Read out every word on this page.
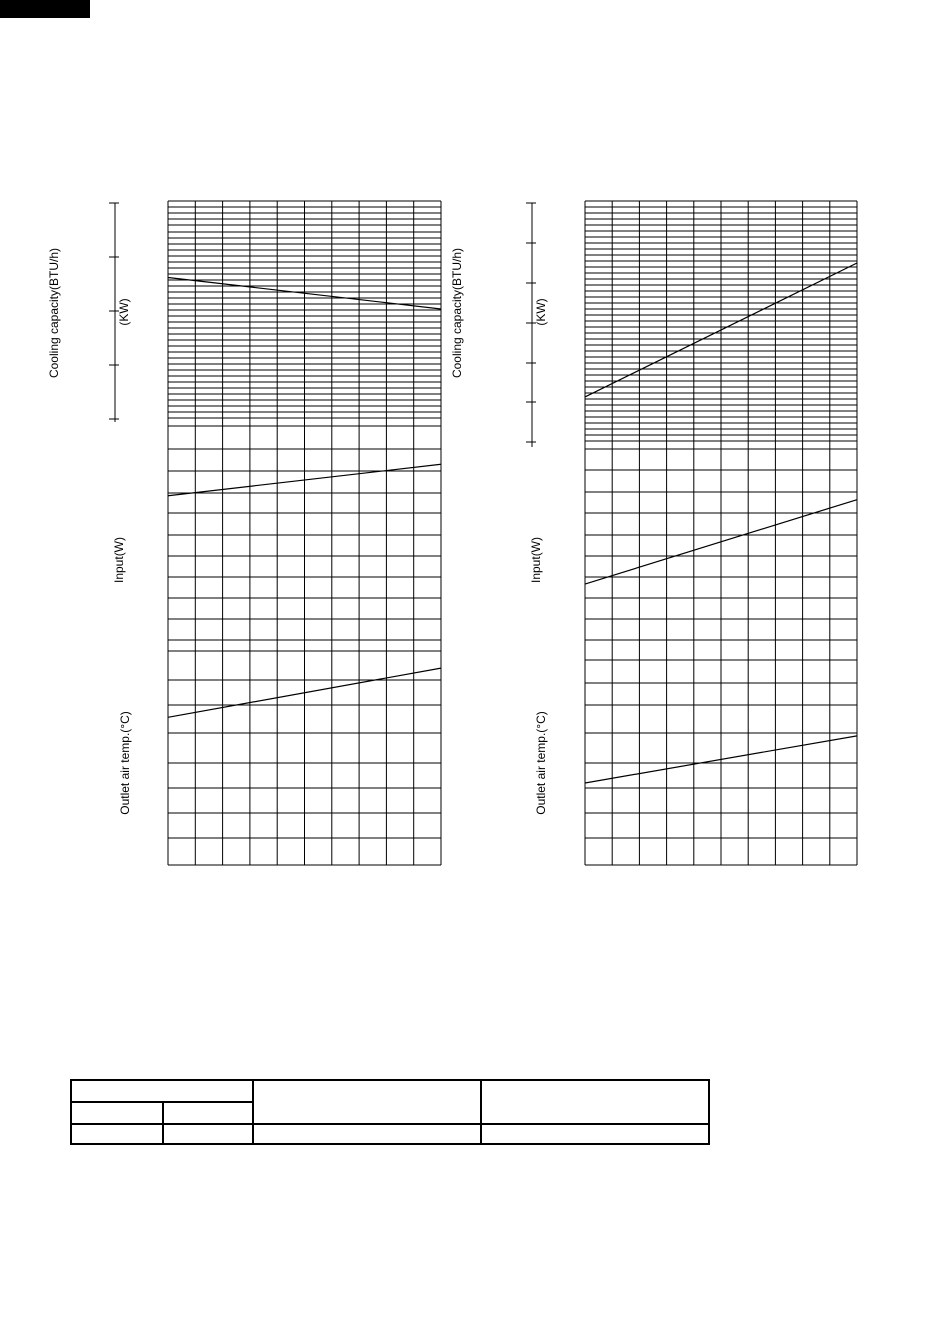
Cooling capacity(BTU/h)	(KW)
Input(W)
Outlet air temp.(°C)
Cooling capacity(BTU/h)	(KW)
Input(W)
Outlet air temp.(°C)
